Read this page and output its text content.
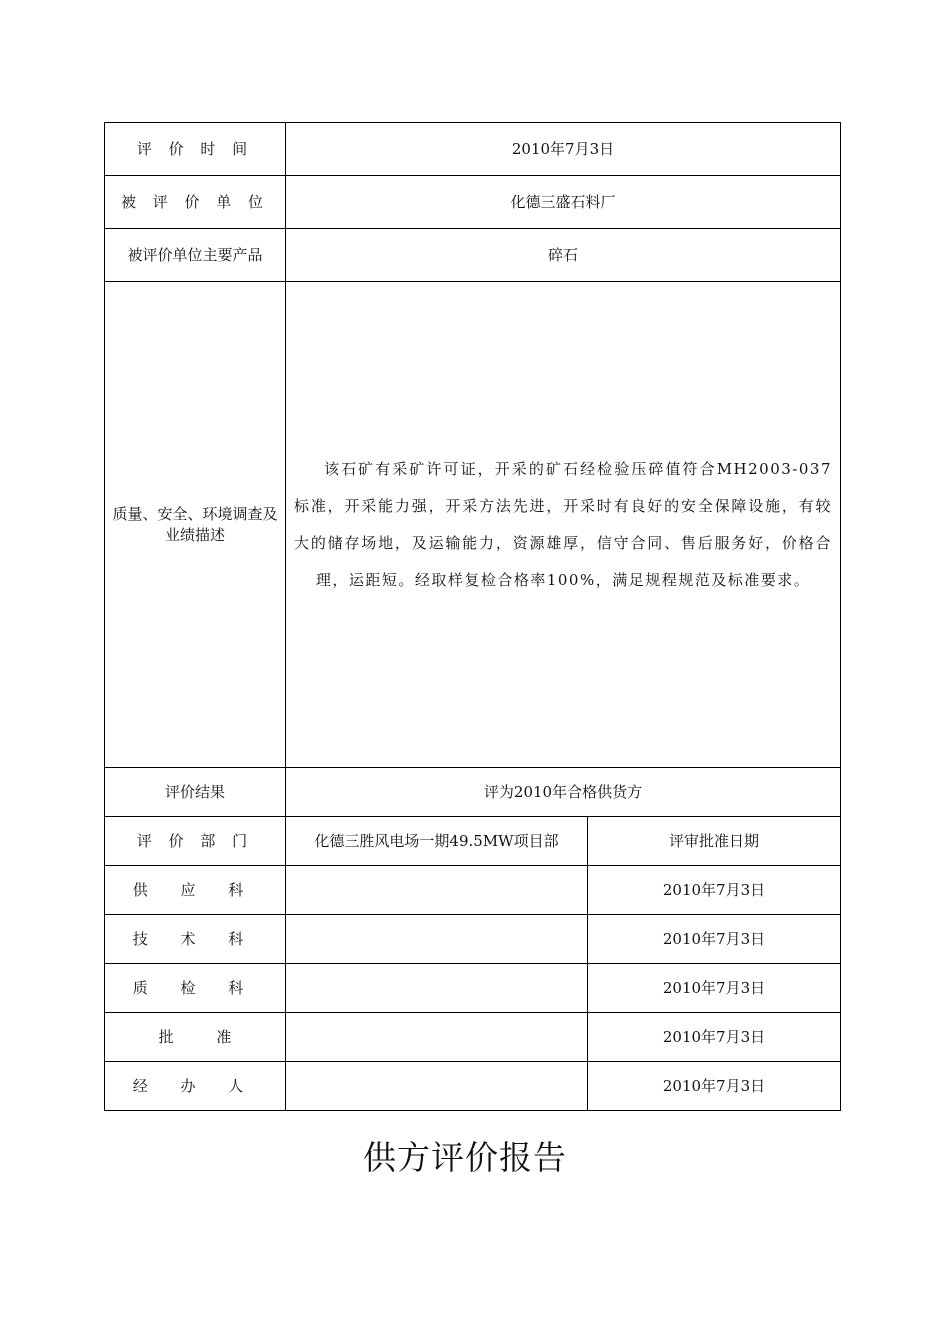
评 价 时 间	2010年7月3日	
被 评 价 单 位	化德三盛石料厂	
被评价单位主要产品	碎石	
质量、安全、环境调查及业绩描述	该石矿有采矿许可证，开采的矿石经检验压碎值符合MH2003-037标准，开采能力强，开采方法先进，开采时有良好的安全保障设施，有较大的储存场地，及运输能力，资源雄厚，信守合同、售后服务好，价格合理，运距短。经取样复检合格率100%，满足规程规范及标准要求。	

评价结果	评为2010年合格供货方	
评 价 部 门	化德三胜风电场一期49.5MW项目部	评审批准日期
供 应 科		2010年7月3日
技 术 科		2010年7月3日
质 检 科		2010年7月3日
批 准		2010年7月3日
经 办 人		2010年7月3日
供方评价报告
